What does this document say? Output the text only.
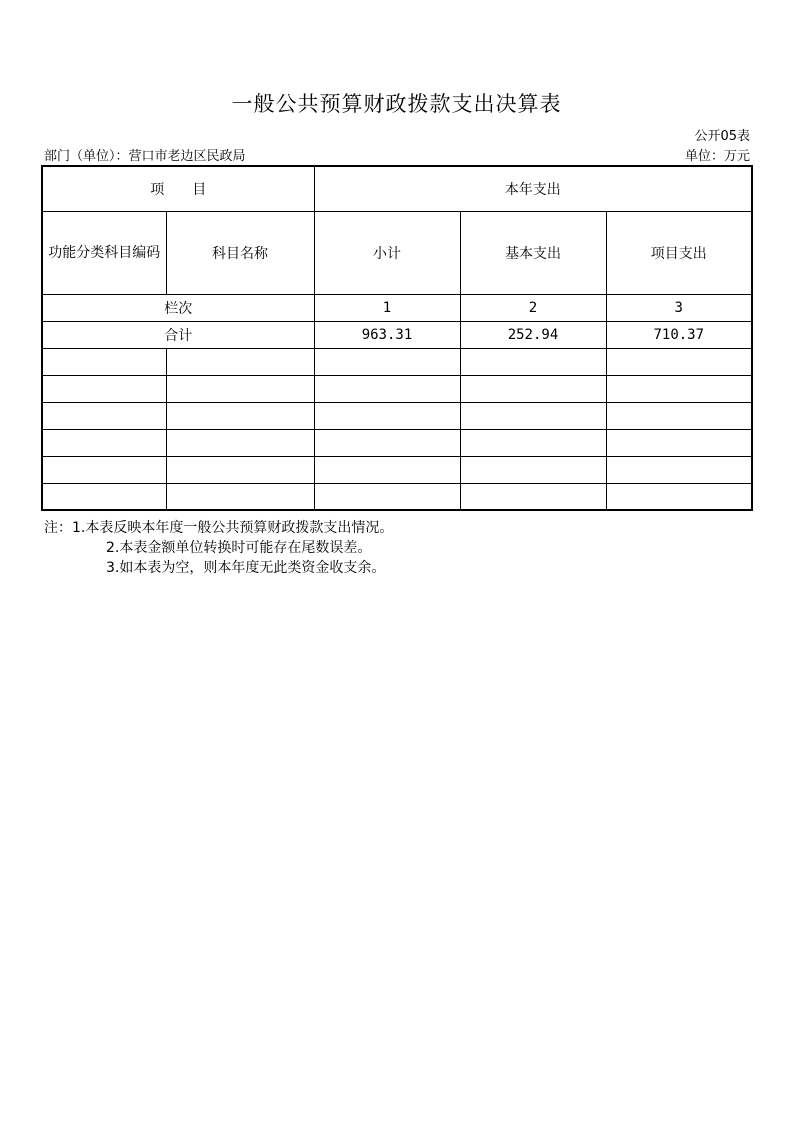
一般公共预算财政拨款支出决算表
公开05表
部门（单位）：营口市老边区民政局	单位：万元
项　　目		本年支出		
功能分类科目编码	科目名称	小计	基本支出	项目支出
栏次		1	2	3
合计		963.31	252.94	710.37

注：1.本表反映本年度一般公共预算财政拨款支出情况。
2.本表金额单位转换时可能存在尾数误差。
3.如本表为空，则本年度无此类资金收支余。
